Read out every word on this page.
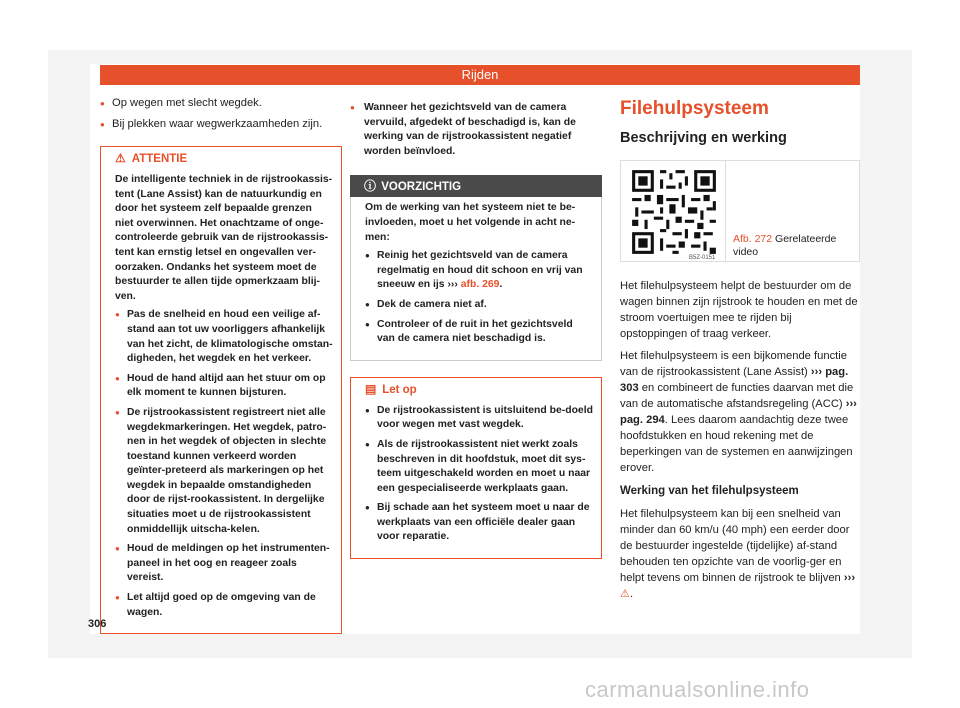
Rijden
● Op wegen met slecht wegdek.
● Bij plekken waar wegwerkzaamheden zijn.
⚠ ATTENTIE

De intelligente techniek in de rijstrookassis-tent (Lane Assist) kan de natuurkundig en door het systeem zelf bepaalde grenzen niet overwinnen. Het onachtzame of onge-controleerde gebruik van de rijstrookassis-tent kan ernstig letsel en ongevallen ver-oorzaken. Ondanks het systeem moet de bestuurder te allen tijde opmerkzaam blij-ven.

● Pas de snelheid en houd een veilige af-stand aan tot uw voorliggers afhankelijk van het zicht, de klimatologische omstan-digheden, het wegdek en het verkeer.
● Houd de hand altijd aan het stuur om op elk moment te kunnen bijsturen.
● De rijstrookassistent registreert niet alle wegdekmarkeringen. Het wegdek, patro-nen in het wegdek of objecten in slechte toestand kunnen verkeerd worden geïnter-preteerd als markeringen op het wegdek in bepaalde omstandigheden door de rijst-rookassistent. In dergelijke situaties moet u de rijstrookassistent onmiddellijk uitscha-kelen.
● Houd de meldingen op het instrumenten-paneel in het oog en reageer zoals vereist.
● Let altijd goed op de omgeving van de wagen.
● Wanneer het gezichtsveld van de camera vervuild, afgedekt of beschadigd is, kan de werking van de rijstrookassistent negatief worden beïnvloed.
ⓘ VOORZICHTIG

Om de werking van het systeem niet te be-invloeden, moet u het volgende in acht ne-men:

● Reinig het gezichtsveld van de camera regelmatig en houd dit schoon en vrij van sneeuw en ijs ››› afb. 269.
● Dek de camera niet af.
● Controleer of de ruit in het gezichtsveld van de camera niet beschadigd is.
▤ Let op
● De rijstrookassistent is uitsluitend be-doeld voor wegen met vast wegdek.
● Als de rijstrookassistent niet werkt zoals beschreven in dit hoofdstuk, moet dit sys-teem uitgeschakeld worden en moet u naar een gespecialiseerde werkplaats gaan.
● Bij schade aan het systeem moet u naar de werkplaats van een officiële dealer gaan voor reparatie.
Filehulpsysteem
Beschrijving en werking
B5Z-0151
Afb. 272 Gerelateerde video

Het filehulpsysteem helpt de bestuurder om de wagen binnen zijn rijstrook te houden en met de stroom voertuigen mee te rijden bij opstoppingen of traag verkeer.

Het filehulpsysteem is een bijkomende functie van de rijstrookassistent (Lane Assist) ››› pag. 303 en combineert de functies daarvan met die van de automatische afstandsregeling (ACC) ››› pag. 294. Lees daarom aandachtig deze twee hoofdstukken en houd rekening met de beperkingen van de systemen en aanwijzingen erover.

Werking van het filehulpsysteem

Het filehulpsysteem kan bij een snelheid van minder dan 60 km/u (40 mph) een eerder door de bestuurder ingestelde (tijdelijke) af-stand behouden ten opzichte van de voorlig-ger en helpt tevens om binnen de rijstrook te blijven ››› ⚠.

306
carmanualsonline.info
